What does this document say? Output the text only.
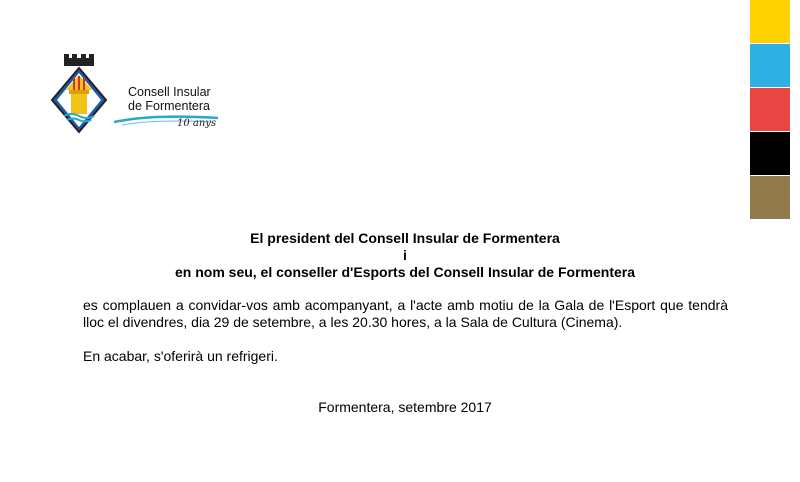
Consell Insular
de Formentera
10 anys
El president del Consell Insular de Formentera
i
en nom seu, el conseller d'Esports del Consell Insular de Formentera
es complauen a convidar-vos amb acompanyant, a l'acte amb motiu de la Gala de l'Esport que tendrà lloc el divendres, dia 29 de setembre, a les 20.30 hores, a la Sala de Cultura (Cinema).
En acabar, s'oferirà un refrigeri.
Formentera, setembre 2017
